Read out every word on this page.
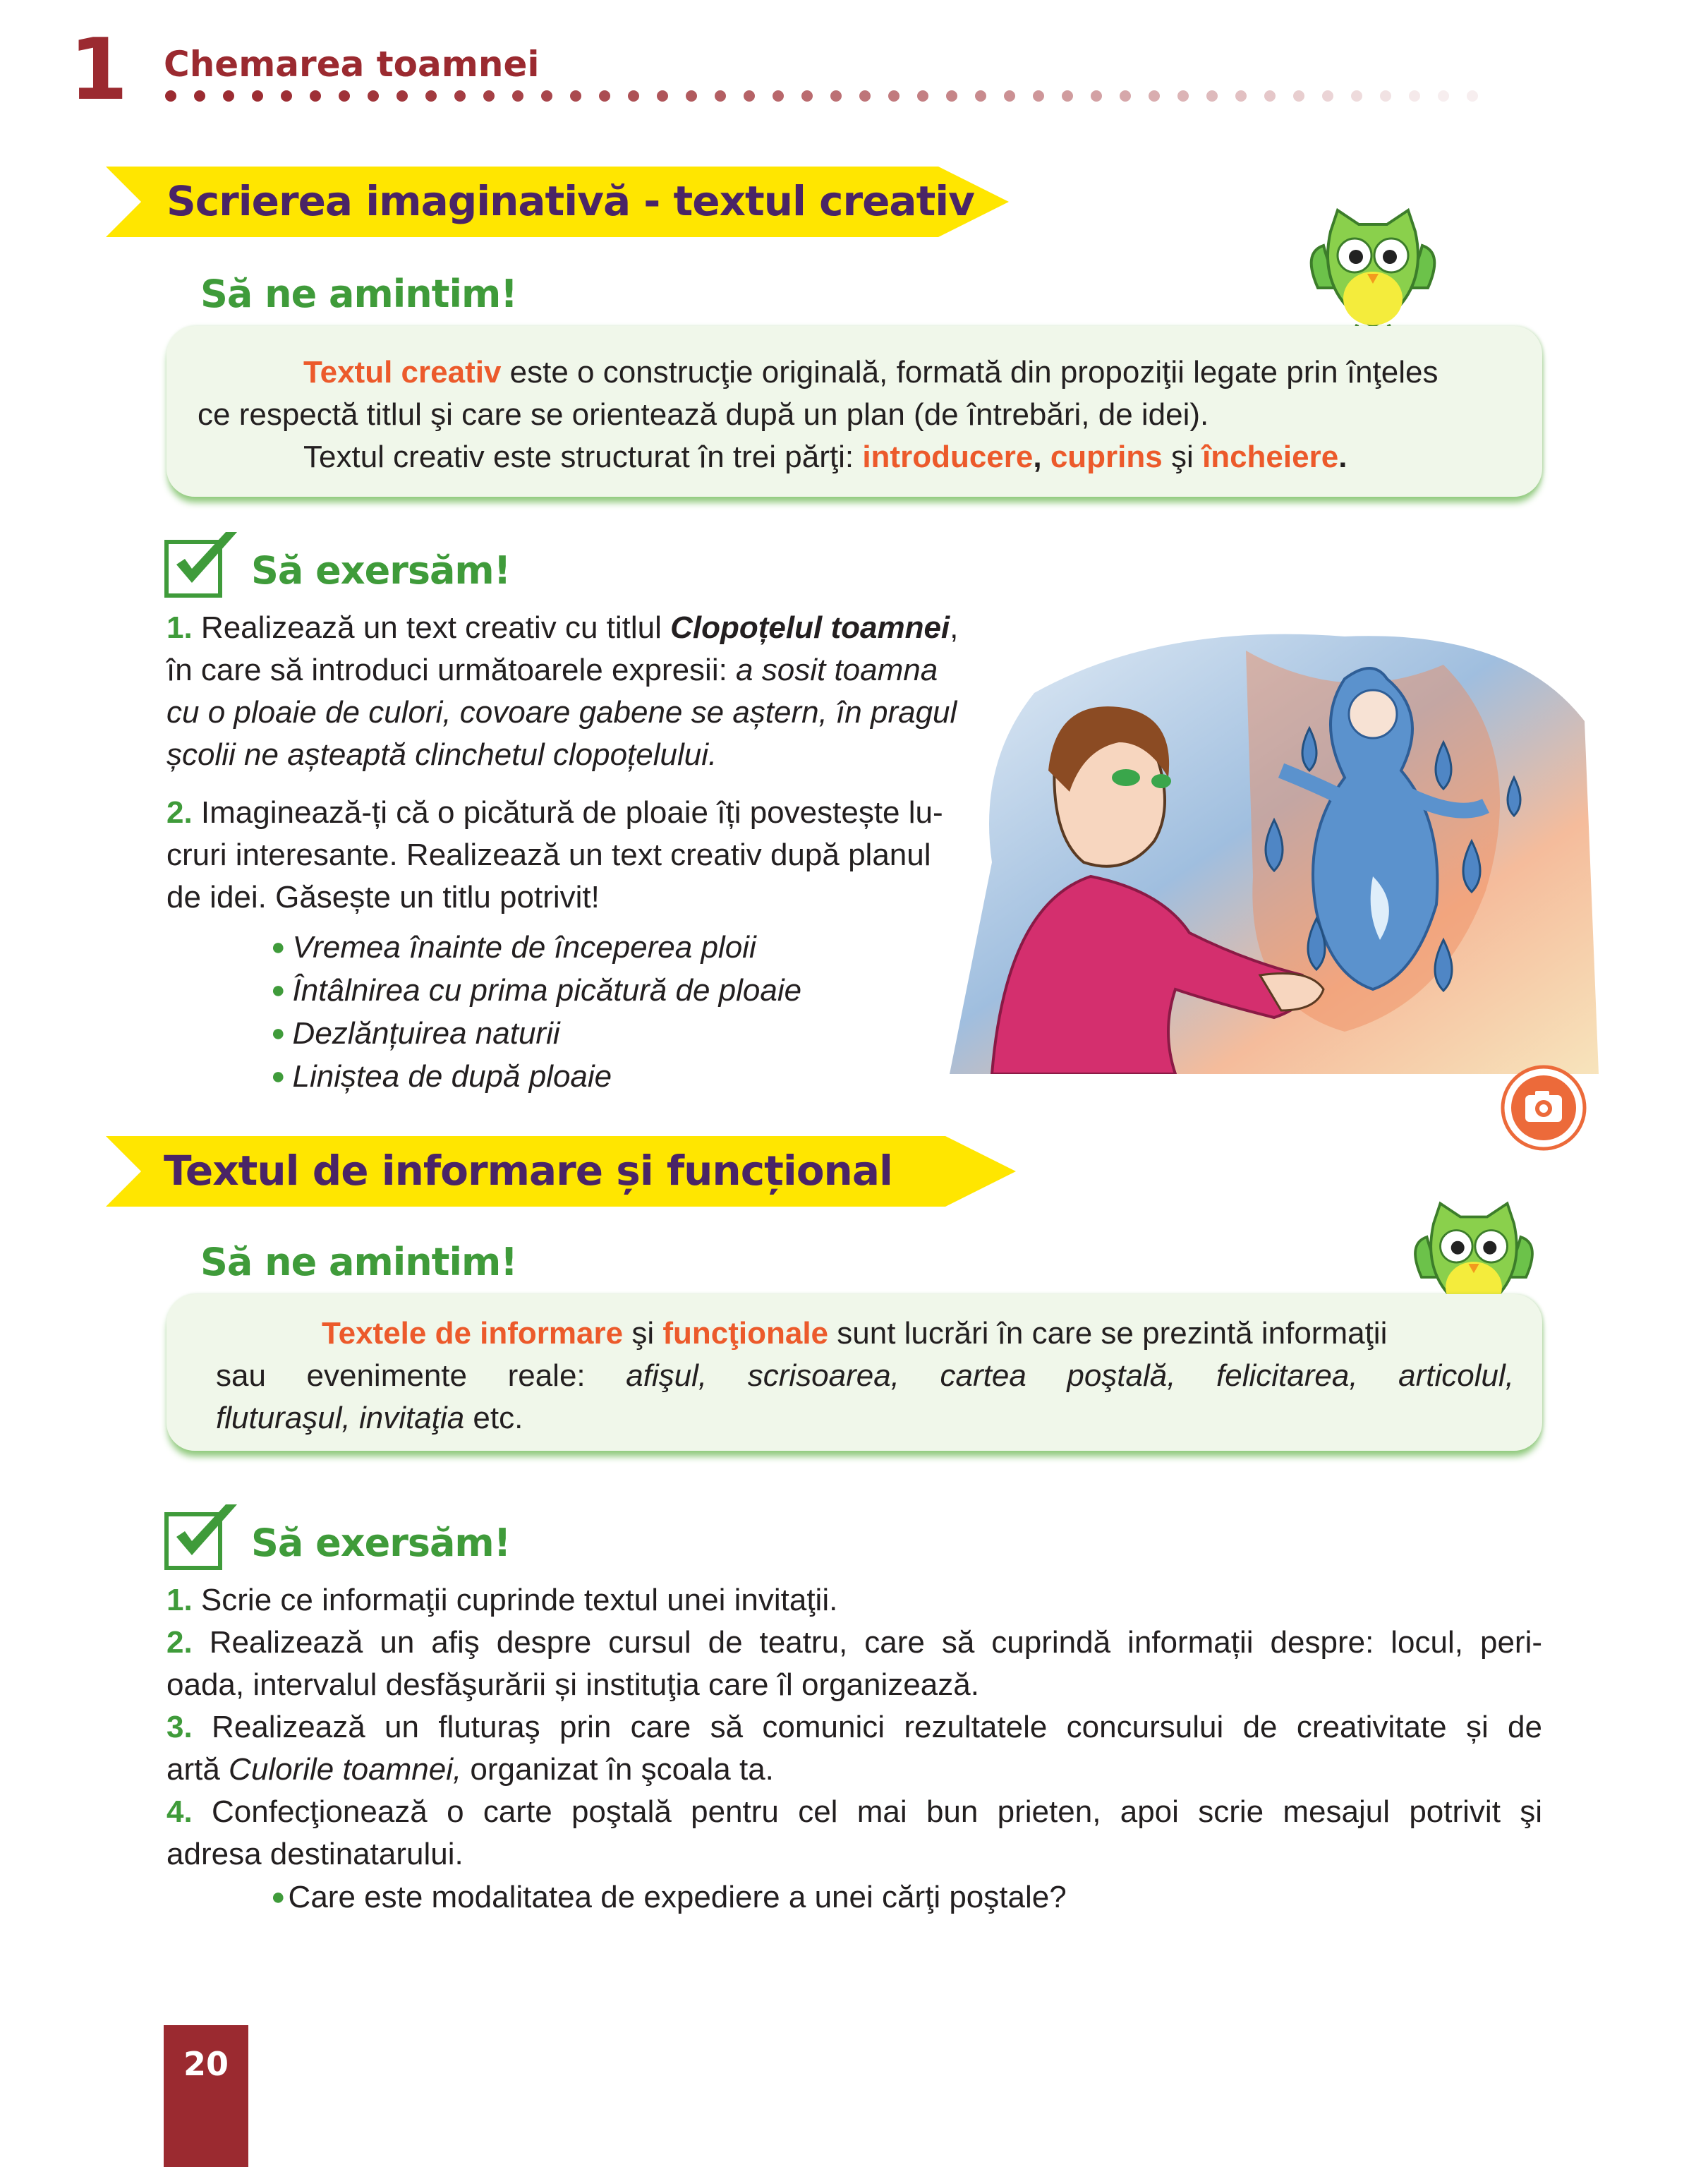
1 Chemarea toamnei
Scrierea imaginativă - textul creativ
Să ne amintim!
Textul creativ este o construcţie originală, formată din propoziţii legate prin înţeles
ce respectă titlul şi care se orientează după un plan (de întrebări, de idei).
Textul creativ este structurat în trei părţi: introducere, cuprins şi încheiere.
Să exersăm!
1. Realizează un text creativ cu titlul Clopoțelul toamnei,
în care să introduci următoarele expresii: a sosit toamna
cu o ploaie de culori, covoare gabene se aștern, în pragul
școlii ne așteaptă clinchetul clopoțelului.
2. Imaginează-ți că o picătură de ploaie îți povestește lu-
cruri interesante. Realizează un text creativ după planul
de idei. Găsește un titlu potrivit!
● Vremea înainte de începerea ploii
● Întâlnirea cu prima picătură de ploaie
● Dezlănțuirea naturii
● Liniștea de după ploaie
Textul de informare și funcțional
Să ne amintim!
Textele de informare şi funcţionale sunt lucrări în care se prezintă informaţii
sau evenimente reale: afişul, scrisoarea, cartea poştală, felicitarea, articolul,
fluturaşul, invitaţia etc.
Să exersăm!
1. Scrie ce informaţii cuprinde textul unei invitaţii.
2. Realizează un afiş despre cursul de teatru, care să cuprindă informații despre: locul, peri-
oada, intervalul desfăşurării și instituţia care îl organizează.
3. Realizează un fluturaş prin care să comunici rezultatele concursului de creativitate și de
artă Culorile toamnei, organizat în şcoala ta.
4. Confecţionează o carte poştală pentru cel mai bun prieten, apoi scrie mesajul potrivit şi
adresa destinatarului.
●Care este modalitatea de expediere a unei cărţi poştale?
20
